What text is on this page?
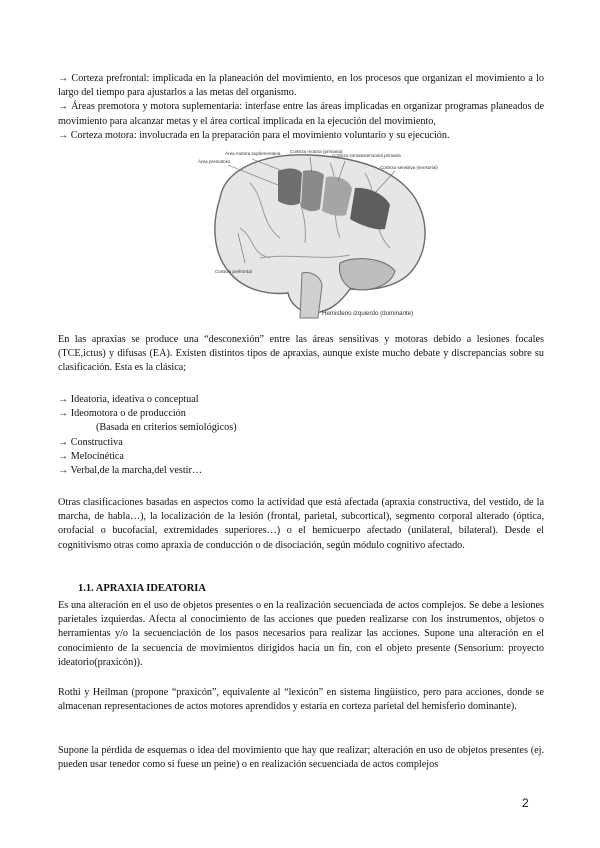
→ Corteza prefrontal: implicada en la planeación del movimiento, en los procesos que organizan el movimiento a lo largo del tiempo para ajustarlos a las metas del organismo.

→ Áreas premotora y motora suplementaria: interfase entre las áreas implicadas en organizar programas planeados de movimiento para alcanzar metas y el área cortical implicada en la ejecución del movimiento,

→ Corteza motora: involucrada en la preparación para el movimiento voluntario y su ejecución.

Área premotora
Área motora suplementaria Corteza motora (primaria)
Corteza somatosensorial primaria
Corteza sensitiva (sensorial)
Corteza prefrontal
Hemisferio izquierdo (dominante)
En las apraxias se produce una “desconexión” entre las áreas sensitivas y motoras debido a lesiones focales (TCE,ictus) y difusas (EA). Existen distintos tipos de apraxias, aunque existe mucho debate y discrepancias sobre su clasificación. Esta es la clásica;

→ Ideatoria, ideativa o conceptual

→ Ideomotora o de producción

(Basada en criterios semiológicos)

→ Constructiva

→ Melocinética

→ Verbal,de la marcha,del vestir…

Otras clasificaciones basadas en aspectos como la actividad que está afectada (apraxia constructiva, del vestido, de la marcha, de habla…), la localización de la lesión (frontal, parietal, subcortical), segmento corporal alterado (óptica, orofacial o bucofacial, extremidades superiores…) o el hemicuerpo afectado (unilateral, bilateral). Desde el cognitivismo otras como apraxia de conducción o de disociación, según módulo cognitivo afectado.
1.1. APRAXIA IDEATORIA
Es una alteración en el uso de objetos presentes o en la realización secuenciada de actos complejos. Se debe a lesiones parietales izquierdas. Afecta al conocimiento de las acciones que pueden realizarse con los instrumentos, objetos o herramientas y/o la secuenciación de los pasos necesarios para realizar las acciones. Supone una alteración en el conocimiento de la secuencia de movimientos dirigidos hacia un fin, con el objeto presente (Sensorium: proyecto ideatorio(praxicón)).
Rothi y Heilman (propone “praxicón”, equivalente al “lexicón” en sistema lingüístico, pero para acciones, donde se almacenan representaciones de actos motores aprendidos y estaría en corteza parietal del hemisferio dominante).
Supone la pérdida de esquemas o idea del movimiento que hay que realizar; alteración en uso de objetos presentes (ej. pueden usar tenedor como si fuese un peine) o en realización secuenciada de actos complejos
2
